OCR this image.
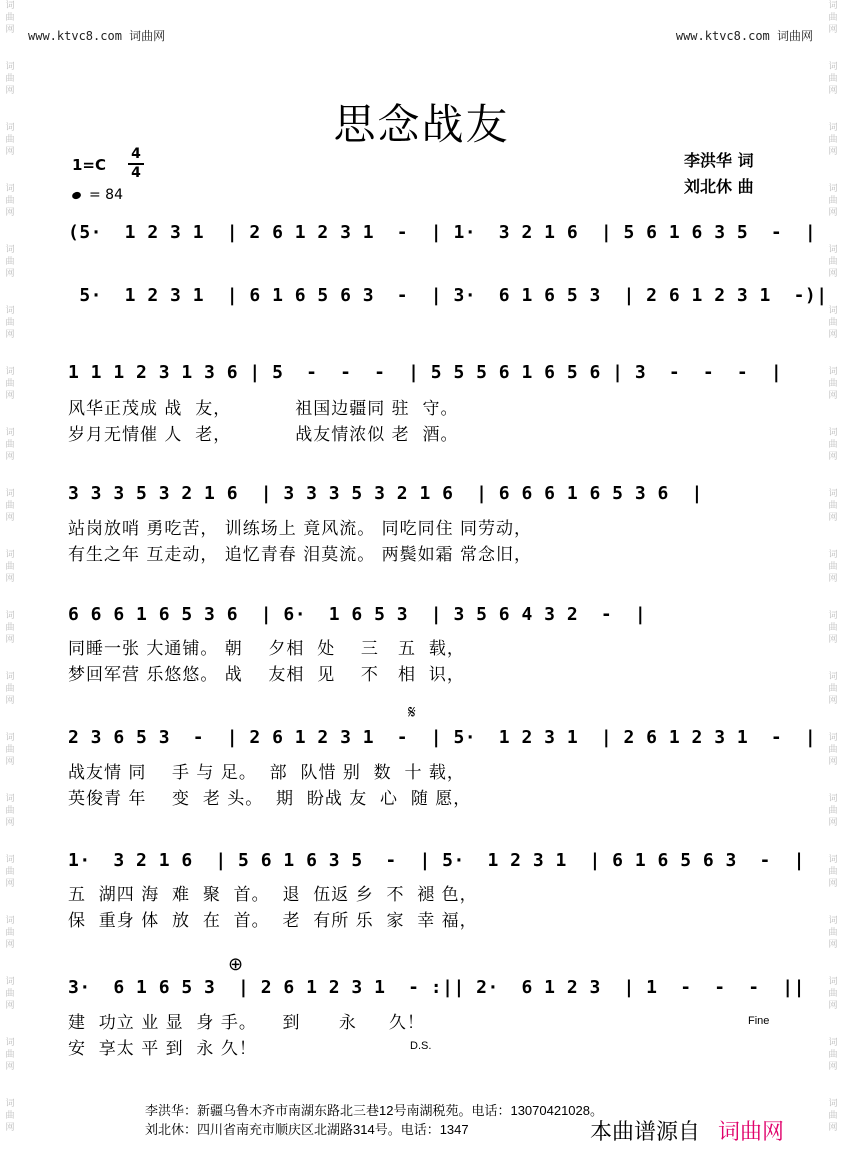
www.ktvc8.com 词曲网	www.ktvc8.com 词曲网
词
曲
网
词
曲
网
词
曲
网
词
曲
网
词
曲
网
词
曲
网
词
曲
网
词
曲
网
词
曲
网
词
曲
网
词
曲
网
词
曲
网
词
曲
网
词
曲
网
词
曲
网
词
曲
网
词
曲
网
词
曲
网
词
曲
网
词
曲
网
词
曲
网
词
曲
网
词
曲
网
词
曲
网
词
曲
网
词
曲
网
词
曲
网
词
曲
网
词
曲
网
词
曲
网
词
曲
网
词
曲
网
词
曲
网
词
曲
网
词
曲
网
词
曲
网
词
曲
网
词
曲
网
思念战友
1=C
4
4
= 84
李洪华 词
刘北休 曲
(5·  1 2 3 1  | 2 6 1 2 3 1  -  | 1·  3 2 1 6  | 5 6 1 6 3 5  -  |
5·  1 2 3 1  | 6 1 6 5 6 3  -  | 3·  6 1 6 5 3  | 2 6 1 2 3 1  -)|
1 1 1 2 3 1 3 6 | 5  -  -  -  | 5 5 5 6 1 6 5 6 | 3  -  -  -  |
风华正茂成 战  友，          祖国边疆同 驻  守。
岁月无情催 人  老，          战友情浓似 老  酒。
3 3 3 5 3 2 1 6  | 3 3 3 5 3 2 1 6  | 6 6 6 1 6 5 3 6  |
站岗放哨 勇吃苦， 训练场上 竟风流。 同吃同住 同劳动，
有生之年 互走动， 追忆青春 泪莫流。 两鬓如霜 常念旧，
6 6 6 1 6 5 3 6  | 6·  1 6 5 3  | 3 5 6 4 3 2  -  |
同睡一张 大通铺。 朝    夕相  处    三   五  载，
梦回军营 乐悠悠。 战    友相  见    不   相  识，
𝄋
2 3 6 5 3  -  | 2 6 1 2 3 1  -  | 5·  1 2 3 1  | 2 6 1 2 3 1  -  |
战友情 同    手 与 足。  部  队惜 别  数  十 载，
英俊青 年    变  老 头。  期  盼战 友  心  随 愿，
1·  3 2 1 6  | 5 6 1 6 3 5  -  | 5·  1 2 3 1  | 6 1 6 5 6 3  -  |
五  湖四 海  难  聚  首。  退  伍返 乡  不  褪 色，
保  重身 体  放  在  首。  老  有所 乐  家  幸 福，
⊕
3·  6 1 6 5 3  | 2 6 1 2 3 1  - :|| 2·  6 1 2 3  | 1  -  -  -  ||
建  功立 业 显  身 手。    到      永     久！
安  享太 平 到  永 久！
Fine
D.S.
李洪华：新疆乌鲁木齐市南湖东路北三巷12号南湖税苑。电话：13070421028。
刘北休：四川省南充市顺庆区北湖路314号。电话：1347	本曲谱源自 词曲网
